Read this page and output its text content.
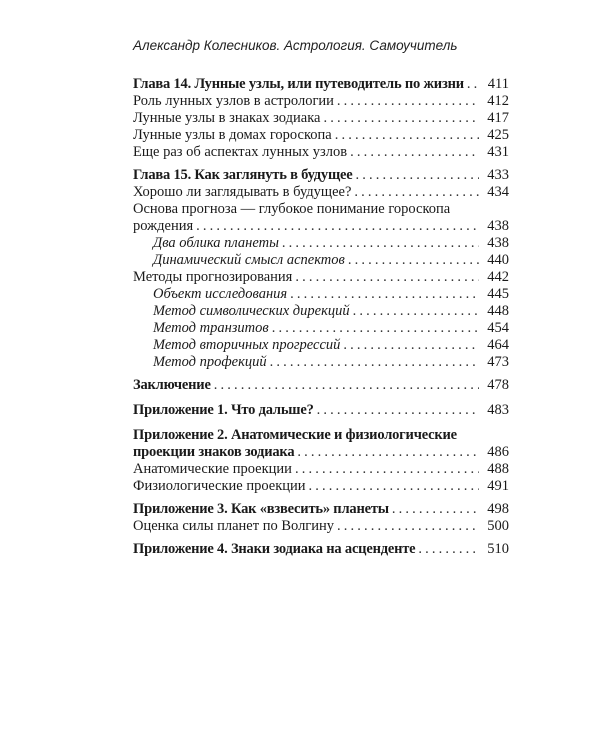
Александр Колесников. Астрология. Самоучитель
Глава 14. Лунные узлы, или путеводитель по жизни . . .	411
Роль лунных узлов в астрологии . . .	412
Лунные узлы в знаках зодиака . . .	417
Лунные узлы в домах гороскопа . . .	425
Еще раз об аспектах лунных узлов . . .	431
Глава 15. Как заглянуть в будущее . . .	433
Хорошо ли заглядывать в будущее? . . .	434
Основа прогноза — глубокое понимание гороскопа
рождения . . .	438
Два облика планеты . . .	438
Динамический смысл аспектов . . .	440
Методы прогнозирования . . .	442
Объект исследования . . .	445
Метод символических дирекций . . .	448
Метод транзитов . . .	454
Метод вторичных прогрессий . . .	464
Метод профекций . . .	473
Заключение . . .	478
Приложение 1. Что дальше? . . .	483
Приложение 2. Анатомические и физиологические
проекции знаков зодиака . . .	486
Анатомические проекции . . .	488
Физиологические проекции . . .	491
Приложение 3. Как «взвесить» планеты . . .	498
Оценка силы планет по Волгину . . .	500
Приложение 4. Знаки зодиака на асценденте . . .	510
